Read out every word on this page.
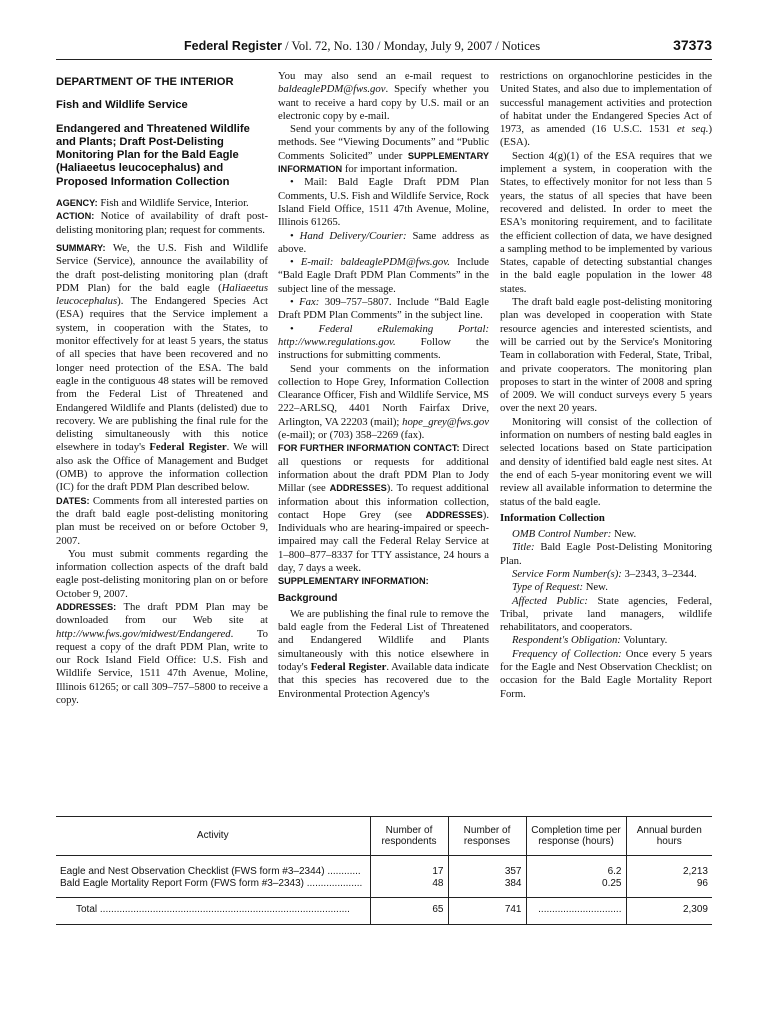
Federal Register / Vol. 72, No. 130 / Monday, July 9, 2007 / Notices	37373
DEPARTMENT OF THE INTERIOR
Fish and Wildlife Service
Endangered and Threatened Wildlife and Plants; Draft Post-Delisting Monitoring Plan for the Bald Eagle (Haliaeetus leucocephalus) and Proposed Information Collection

AGENCY: Fish and Wildlife Service, Interior.

ACTION: Notice of availability of draft post-delisting monitoring plan; request for comments.

SUMMARY: We, the U.S. Fish and Wildlife Service (Service), announce the availability of the draft post-delisting monitoring plan (draft PDM Plan) for the bald eagle (Haliaeetus leucocephalus). The Endangered Species Act (ESA) requires that the Service implement a system, in cooperation with the States, to monitor effectively for at least 5 years, the status of all species that have been recovered and no longer need protection of the ESA. The bald eagle in the contiguous 48 states will be removed from the Federal List of Threatened and Endangered Wildlife and Plants (delisted) due to recovery. We are publishing the final rule for the delisting simultaneously with this notice elsewhere in today's Federal Register. We will also ask the Office of Management and Budget (OMB) to approve the information collection (IC) for the draft PDM Plan described below.

DATES: Comments from all interested parties on the draft bald eagle post-delisting monitoring plan must be received on or before October 9, 2007.

You must submit comments regarding the information collection aspects of the draft bald eagle post-delisting monitoring plan on or before October 9, 2007.

ADDRESSES: The draft PDM Plan may be downloaded from our Web site at http://www.fws.gov/midwest/Endangered. To request a copy of the draft PDM Plan, write to our Rock Island Field Office: U.S. Fish and Wildlife Service, 1511 47th Avenue, Moline, Illinois 61265; or call 309–757–5800 to receive a copy.

You may also send an e-mail request to baldeaglePDM@fws.gov. Specify whether you want to receive a hard copy by U.S. mail or an electronic copy by e-mail.

Send your comments by any of the following methods. See “Viewing Documents” and “Public Comments Solicited” under SUPPLEMENTARY INFORMATION for important information.

• Mail: Bald Eagle Draft PDM Plan Comments, U.S. Fish and Wildlife Service, Rock Island Field Office, 1511 47th Avenue, Moline, Illinois 61265.

• Hand Delivery/Courier: Same address as above.

• E-mail: baldeaglePDM@fws.gov. Include “Bald Eagle Draft PDM Plan Comments” in the subject line of the message.

• Fax: 309–757–5807. Include “Bald Eagle Draft PDM Plan Comments” in the subject line.

• Federal eRulemaking Portal: http://www.regulations.gov. Follow the instructions for submitting comments.

Send your comments on the information collection to Hope Grey, Information Collection Clearance Officer, Fish and Wildlife Service, MS 222–ARLSQ, 4401 North Fairfax Drive, Arlington, VA 22203 (mail); hope_grey@fws.gov (e-mail); or (703) 358–2269 (fax).

FOR FURTHER INFORMATION CONTACT: Direct all questions or requests for additional information about the draft PDM Plan to Jody Millar (see ADDRESSES). To request additional information about this information collection, contact Hope Grey (see ADDRESSES). Individuals who are hearing-impaired or speech-impaired may call the Federal Relay Service at 1–800–877–8337 for TTY assistance, 24 hours a day, 7 days a week.

SUPPLEMENTARY INFORMATION:
Background

We are publishing the final rule to remove the bald eagle from the Federal List of Threatened and Endangered Wildlife and Plants simultaneously with this notice elsewhere in today's Federal Register. Available data indicate that this species has recovered due to the Environmental Protection Agency's

restrictions on organochlorine pesticides in the United States, and also due to implementation of successful management activities and protection of habitat under the Endangered Species Act of 1973, as amended (16 U.S.C. 1531 et seq.) (ESA).

Section 4(g)(1) of the ESA requires that we implement a system, in cooperation with the States, to effectively monitor for not less than 5 years, the status of all species that have been recovered and delisted. In order to meet the ESA's monitoring requirement, and to facilitate the efficient collection of data, we have designed a sampling method to be implemented by various States, capable of detecting substantial changes in the bald eagle population in the lower 48 states.

The draft bald eagle post-delisting monitoring plan was developed in cooperation with State resource agencies and interested scientists, and will be carried out by the Service's Monitoring Team in collaboration with Federal, State, Tribal, and private cooperators. The monitoring plan proposes to start in the winter of 2008 and spring of 2009. We will conduct surveys every 5 years over the next 20 years.

Monitoring will consist of the collection of information on numbers of nesting bald eagles in selected locations based on State participation and density of identified bald eagle nest sites. At the end of each 5-year monitoring event we will review all available information to determine the status of the bald eagle.

Information Collection

OMB Control Number: New.

Title: Bald Eagle Post-Delisting Monitoring Plan.

Service Form Number(s): 3–2343, 3–2344.

Type of Request: New.

Affected Public: State agencies, Federal, Tribal, private land managers, wildlife rehabilitators, and cooperators.

Respondent's Obligation: Voluntary.

Frequency of Collection: Once every 5 years for the Eagle and Nest Observation Checklist; on occasion for the Bald Eagle Mortality Report Form.

Activity	Number of respondents	Number of responses	Completion time per response (hours)	Annual burden hours
Eagle and Nest Observation Checklist (FWS form #3–2344) ............	17	357	6.2	2,213
Bald Eagle Mortality Report Form (FWS form #3–2343) ....................	48	384	0.25	96
Total ..........................................................................................	65	741	..............................	2,309
